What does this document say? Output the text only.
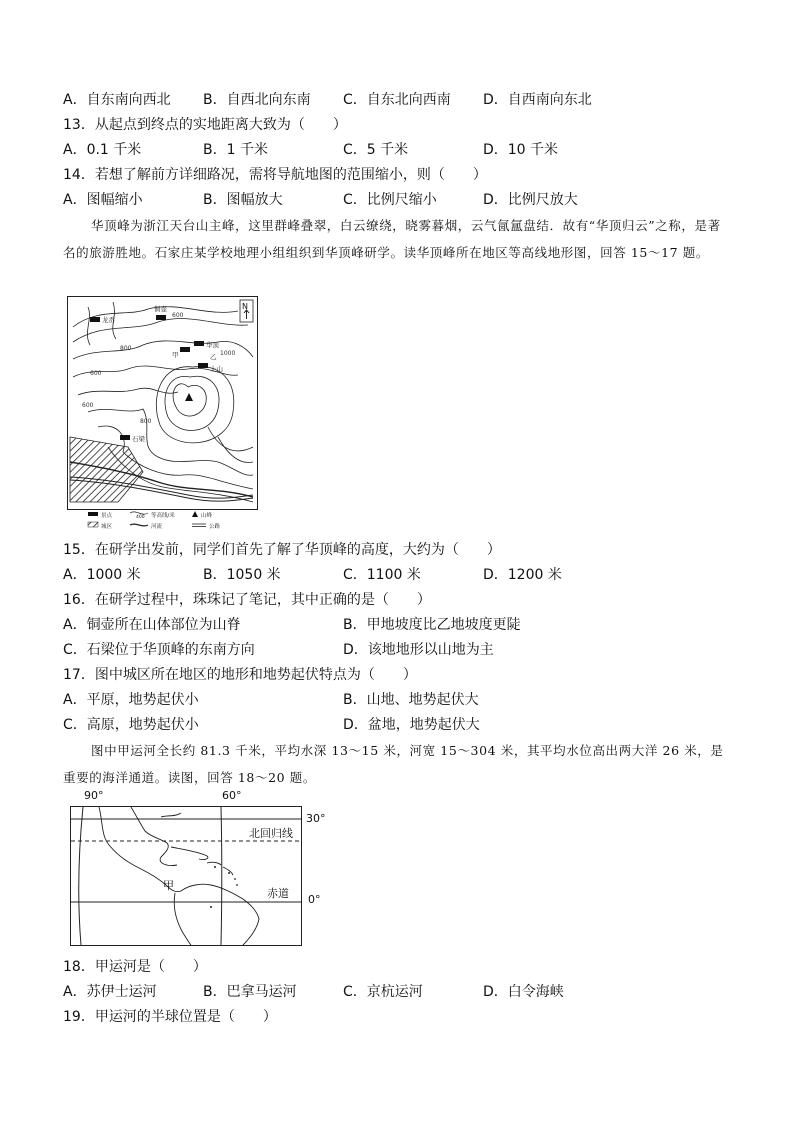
A．自东南向西北 B．自西北向东南 C．自东北向西南 D．自西南向东北
13．从起点到终点的实地距离大致为（　　）
A．0.1 千米	B．1 千米	C．5 千米	D．10 千米
14．若想了解前方详细路况，需将导航地图的范围缩小，则（　　）
A．图幅缩小	B．图幅放大	C．比例尺缩小	D．比例尺放大
华顶峰为浙江天台山主峰，这里群峰叠翠，白云缭绕，晓雾暮烟，云气氤氲盘结．故有“华顶归云”之称，是著名的旅游胜地。石家庄某学校地理小组组织到华顶峰研学。读华顶峰所在地区等高线地形图，回答 15～17 题。
龙岙
铜壶
华顶
甲	乙
上山
石梁
600
800
1000
600
600
800
N
景点	400 等高线/米	山峰
城区	河流	公路
15．在研学出发前，同学们首先了解了华顶峰的高度，大约为（　　）
A．1000 米	B．1050 米	C．1100 米	D．1200 米
16．在研学过程中，珠珠记了笔记，其中正确的是（　　）
A．铜壶所在山体部位为山脊	B．甲地坡度比乙地坡度更陡
C．石梁位于华顶峰的东南方向	D．该地地形以山地为主
17．图中城区所在地区的地形和地势起伏特点为（　　）
A．平原，地势起伏小	B．山地、地势起伏大
C．高原，地势起伏小	D．盆地，地势起伏大
图中甲运河全长约 81.3 千米，平均水深 13～15 米，河宽 15～304 米，其平均水位高出两大洋 26 米，是重要的海洋通道。读图，回答 18～20 题。
甲
北回归线
赤道
90°	60°
30°
0°
18．甲运河是（　　）
A．苏伊士运河	B．巴拿马运河	C．京杭运河	D．白令海峡
19．甲运河的半球位置是（　　）
